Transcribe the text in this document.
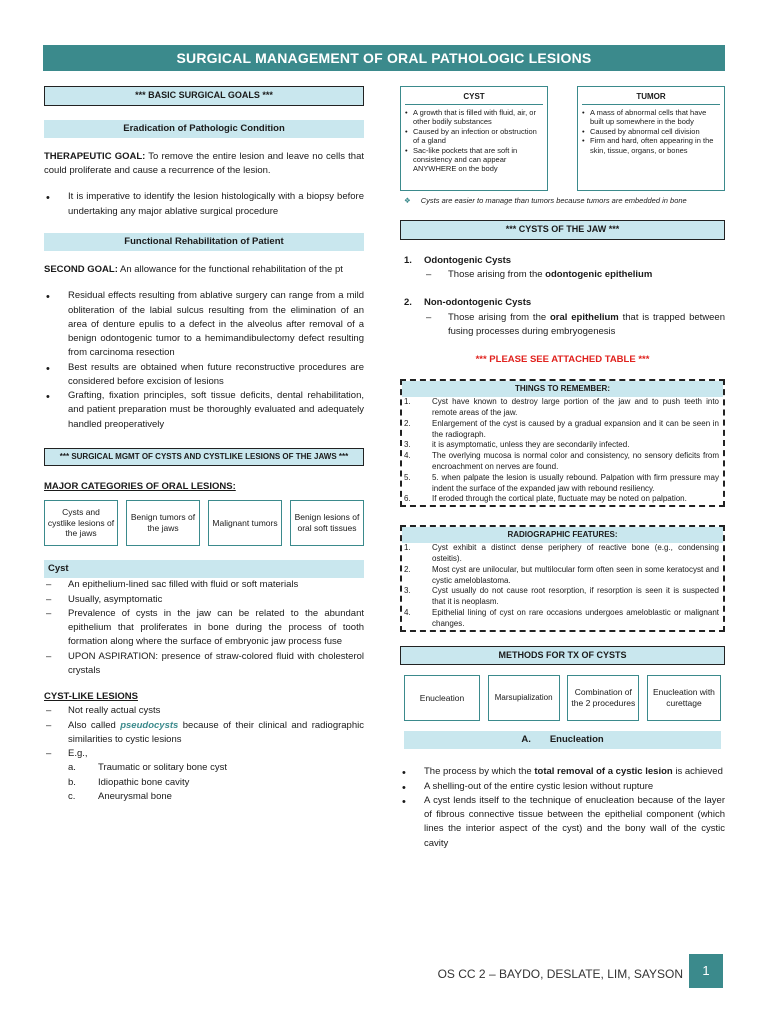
SURGICAL MANAGEMENT OF ORAL PATHOLOGIC LESIONS
*** BASIC SURGICAL GOALS ***
Eradication of Pathologic Condition

THERAPEUTIC GOAL: To remove the entire lesion and leave no cells that could proliferate and cause a recurrence of the lesion.

• It is imperative to identify the lesion histologically with a biopsy before undertaking any major ablative surgical procedure
Functional Rehabilitation of Patient

SECOND GOAL: An allowance for the functional rehabilitation of the pt

• Residual effects resulting from ablative surgery can range from a mild obliteration of the labial sulcus resulting from the elimination of an area of denture epulis to a defect in the alveolus after removal of a benign odontogenic tumor to a hemimandibulectomy defect resulting from carcinoma resection
• Best results are obtained when future reconstructive procedures are considered before excision of lesions
• Grafting, fixation principles, soft tissue deficits, dental rehabilitation, and patient preparation must be thoroughly evaluated and adequately handled preoperatively
*** SURGICAL MGMT OF CYSTS AND CYSTLIKE LESIONS OF THE JAWS ***
MAJOR CATEGORIES OF ORAL LESIONS:
Cysts and cystlike lesions of the jaws
Benign tumors of the jaws
Malignant tumors
Benign lesions of oral soft tissues
Cyst
– An epithelium-lined sac filled with fluid or soft materials
– Usually, asymptomatic
– Prevalence of cysts in the jaw can be related to the abundant epithelium that proliferates in bone during the process of tooth formation along where the surface of embryonic jaw process fuse
– UPON ASPIRATION: presence of straw-colored fluid with cholesterol crystals
CYST-LIKE LESIONS
– Not really actual cysts
– Also called pseudocysts because of their clinical and radiographic similarities to cystic lesions
– E.g.,
a. Traumatic or solitary bone cyst
b. Idiopathic bone cavity
c. Aneurysmal bone
CYST
• A growth that is filled with fluid, air, or other bodily substances
• Caused by an infection or obstruction of a gland
• Sac-like pockets that are soft in consistency and can appear ANYWHERE on the body
TUMOR
• A mass of abnormal cells that have built up somewhere in the body
• Caused by abnormal cell division
• Firm and hard, often appearing in the skin, tissue, organs, or bones
❖ Cysts are easier to manage than tumors because tumors are embedded in bone
*** CYSTS OF THE JAW ***
1. Odontogenic Cysts
– Those arising from the odontogenic epithelium
2. Non-odontogenic Cysts
– Those arising from the oral epithelium that is trapped between fusing processes during embryogenesis
*** PLEASE SEE ATTACHED TABLE ***
THINGS TO REMEMBER:
1.	Cyst have known to destroy large portion of the jaw and to push teeth into remote areas of the jaw.
2.	Enlargement of the cyst is caused by a gradual expansion and it can be seen in the radiograph.
3.	it is asymptomatic, unless they are secondarily infected.
4.	The overlying mucosa is normal color and consistency, no sensory deficits from encroachment on nerves are found.
5.	5. when palpate the lesion is usually rebound. Palpation with firm pressure may indent the surface of the expanded jaw with rebound resiliency.
6.	If eroded through the cortical plate, fluctuate may be noted on palpation.
RADIOGRAPHIC FEATURES:
1.	Cyst exhibit a distinct dense periphery of reactive bone (e.g., condensing osteitis).
2.	Most cyst are unilocular, but multilocular form often seen in some keratocyst and cystic ameloblastoma.
3.	Cyst usually do not cause root resorption, if resorption is seen it is suspected that it is neoplasm.
4.	Epithelial lining of cyst on rare occasions undergoes ameloblastic or malignant changes.
METHODS FOR TX OF CYSTS
Enucleation	Marsupialization
Combination of the 2 procedures
Enucleation with curettage
A.  Enucleation
• The process by which the total removal of a cystic lesion is achieved
• A shelling-out of the entire cystic lesion without rupture
• A cyst lends itself to the technique of enucleation because of the layer of fibrous connective tissue between the epithelial component (which lines the interior aspect of the cyst) and the bony wall of the cystic cavity
OS CC 2 – BAYDO, DESLATE, LIM, SAYSON	1
